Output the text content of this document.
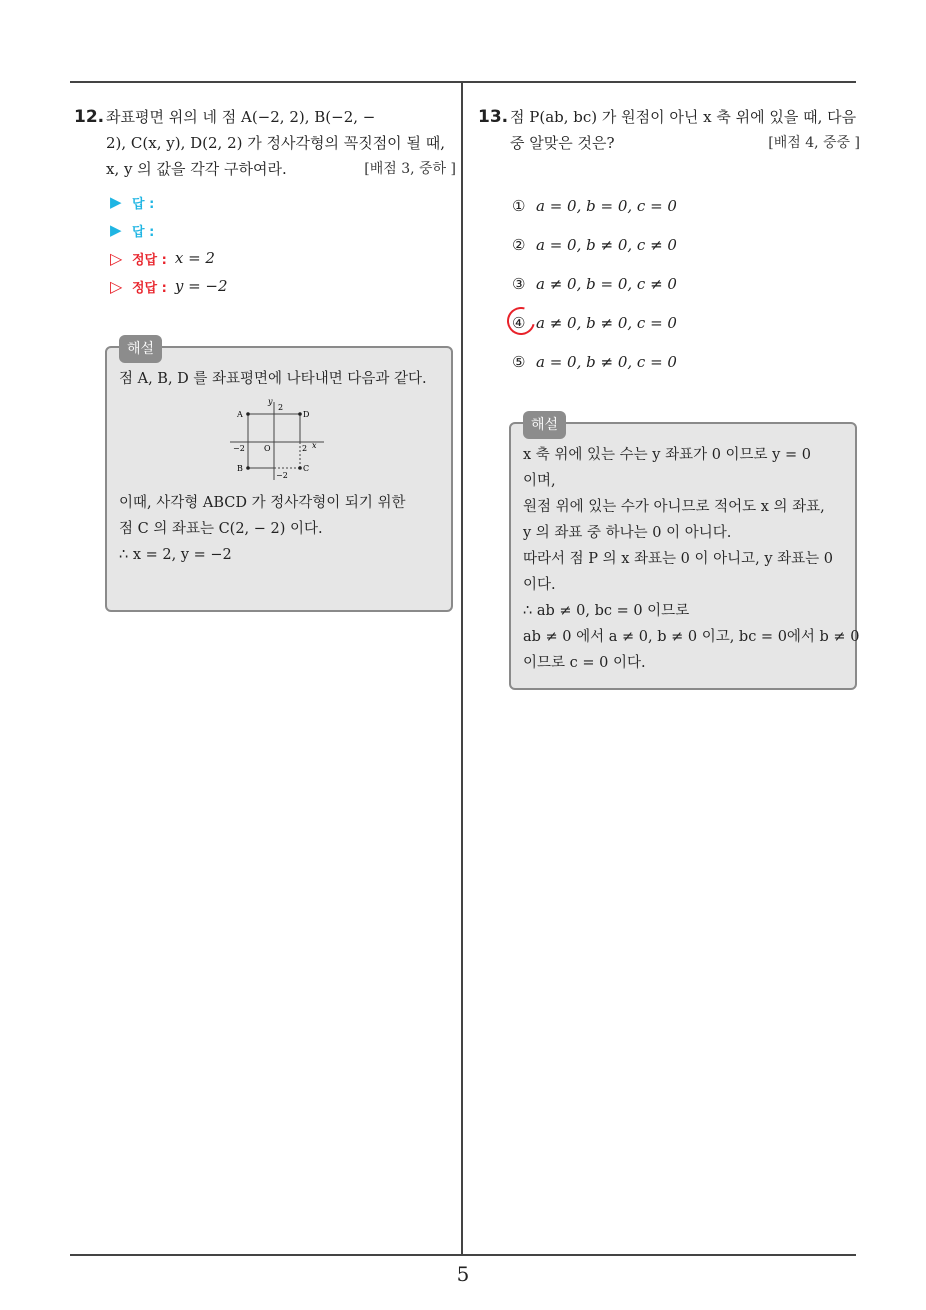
5
12. 좌표평면 위의 네 점 A(−2, 2), B(−2, −
2), C(x, y), D(2, 2) 가 정사각형의 꼭짓점이 될 때,
x, y 의 값을 각각 구하여라.	[배점 3, 중하 ]
▶ 답 :
▶ 답 :
▷ 정답 : x = 2
▷ 정답 : y = −2
해설
점 A, B, D 를 좌표평면에 나타내면 다음과 같다.
y
2
A	D
−2 O	2 x
B	C
−2
이때, 사각형 ABCD 가 정사각형이 되기 위한
점 C 의 좌표는 C(2, − 2) 이다.
∴ x = 2, y = −2
13. 점 P(ab, bc) 가 원점이 아닌 x 축 위에 있을 때, 다음
중 알맞은 것은?	[배점 4, 중중 ]
① a = 0, b = 0, c = 0
② a = 0, b ≠ 0, c ≠ 0
③ a ≠ 0, b = 0, c ≠ 0
④ a ≠ 0, b ≠ 0, c = 0
⑤ a = 0, b ≠ 0, c = 0
해설
x 축 위에 있는 수는 y 좌표가 0 이므로 y = 0
이며,
원점 위에 있는 수가 아니므로 적어도 x 의 좌표,
y 의 좌표 중 하나는 0 이 아니다.
따라서 점 P 의 x 좌표는 0 이 아니고, y 좌표는 0
이다.
∴ ab ≠ 0, bc = 0 이므로
ab ≠ 0 에서 a ≠ 0, b ≠ 0 이고, bc = 0에서 b ≠ 0
이므로 c = 0 이다.
